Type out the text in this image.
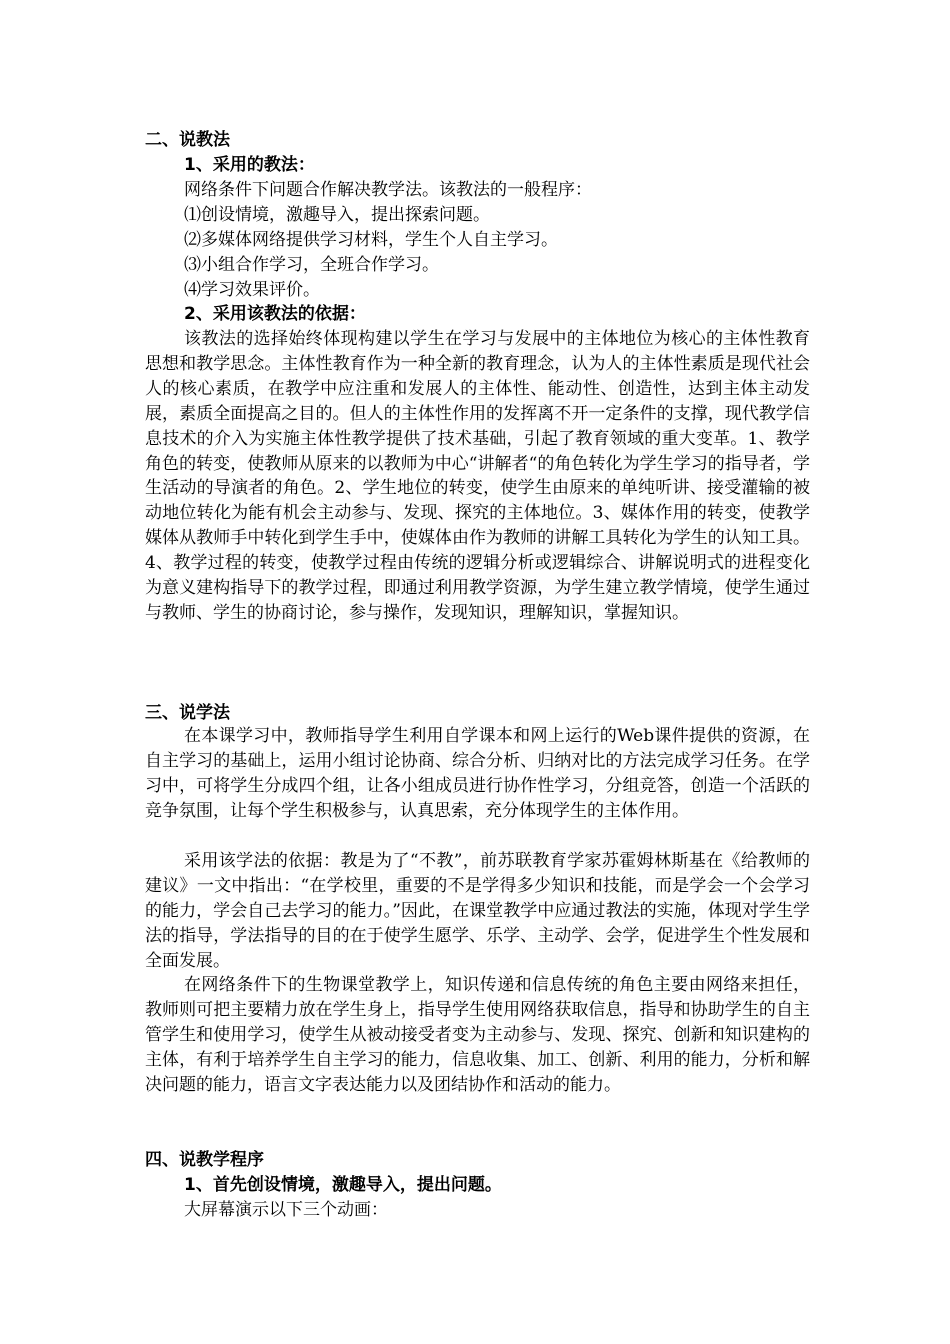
二、说教法
1、采用的教法：
网络条件下问题合作解决教学法。该教法的一般程序：
⑴创设情境，激趣导入，提出探索问题。
⑵多媒体网络提供学习材料，学生个人自主学习。
⑶小组合作学习，全班合作学习。
⑷学习效果评价。
2、采用该教法的依据：

该教法的选择始终体现构建以学生在学习与发展中的主体地位为核心的主体性教育思想和教学思念。主体性教育作为一种全新的教育理念，认为人的主体性素质是现代社会人的核心素质，在教学中应注重和发展人的主体性、能动性、创造性，达到主体主动发展，素质全面提高之目的。但人的主体性作用的发挥离不开一定条件的支撑，现代教学信息技术的介入为实施主体性教学提供了技术基础，引起了教育领域的重大变革。1、教学角色的转变，使教师从原来的以教师为中心“讲解者“的角色转化为学生学习的指导者，学生活动的导演者的角色。2、学生地位的转变，使学生由原来的单纯听讲、接受灌输的被动地位转化为能有机会主动参与、发现、探究的主体地位。3、媒体作用的转变，使教学媒体从教师手中转化到学生手中，使媒体由作为教师的讲解工具转化为学生的认知工具。4、教学过程的转变，使教学过程由传统的逻辑分析或逻辑综合、讲解说明式的进程变化为意义建构指导下的教学过程，即通过利用教学资源，为学生建立教学情境，使学生通过与教师、学生的协商讨论，参与操作，发现知识，理解知识，掌握知识。

三、说学法

在本课学习中，教师指导学生利用自学课本和网上运行的Web课件提供的资源，在自主学习的基础上，运用小组讨论协商、综合分析、归纳对比的方法完成学习任务。在学习中，可将学生分成四个组，让各小组成员进行协作性学习，分组竞答，创造一个活跃的竞争氛围，让每个学生积极参与，认真思索，充分体现学生的主体作用。

采用该学法的依据：教是为了“不教”，前苏联教育学家苏霍姆林斯基在《给教师的建议》一文中指出：“在学校里，重要的不是学得多少知识和技能，而是学会一个会学习的能力，学会自己去学习的能力。”因此，在课堂教学中应通过教法的实施，体现对学生学法的指导，学法指导的目的在于使学生愿学、乐学、主动学、会学，促进学生个性发展和全面发展。

在网络条件下的生物课堂教学上，知识传递和信息传统的角色主要由网络来担任，教师则可把主要精力放在学生身上，指导学生使用网络获取信息，指导和协助学生的自主管学生和使用学习，使学生从被动接受者变为主动参与、发现、探究、创新和知识建构的主体，有利于培养学生自主学习的能力，信息收集、加工、创新、利用的能力，分析和解决问题的能力，语言文字表达能力以及团结协作和活动的能力。

四、说教学程序
1、首先创设情境，激趣导入，提出问题。
大屏幕演示以下三个动画：
